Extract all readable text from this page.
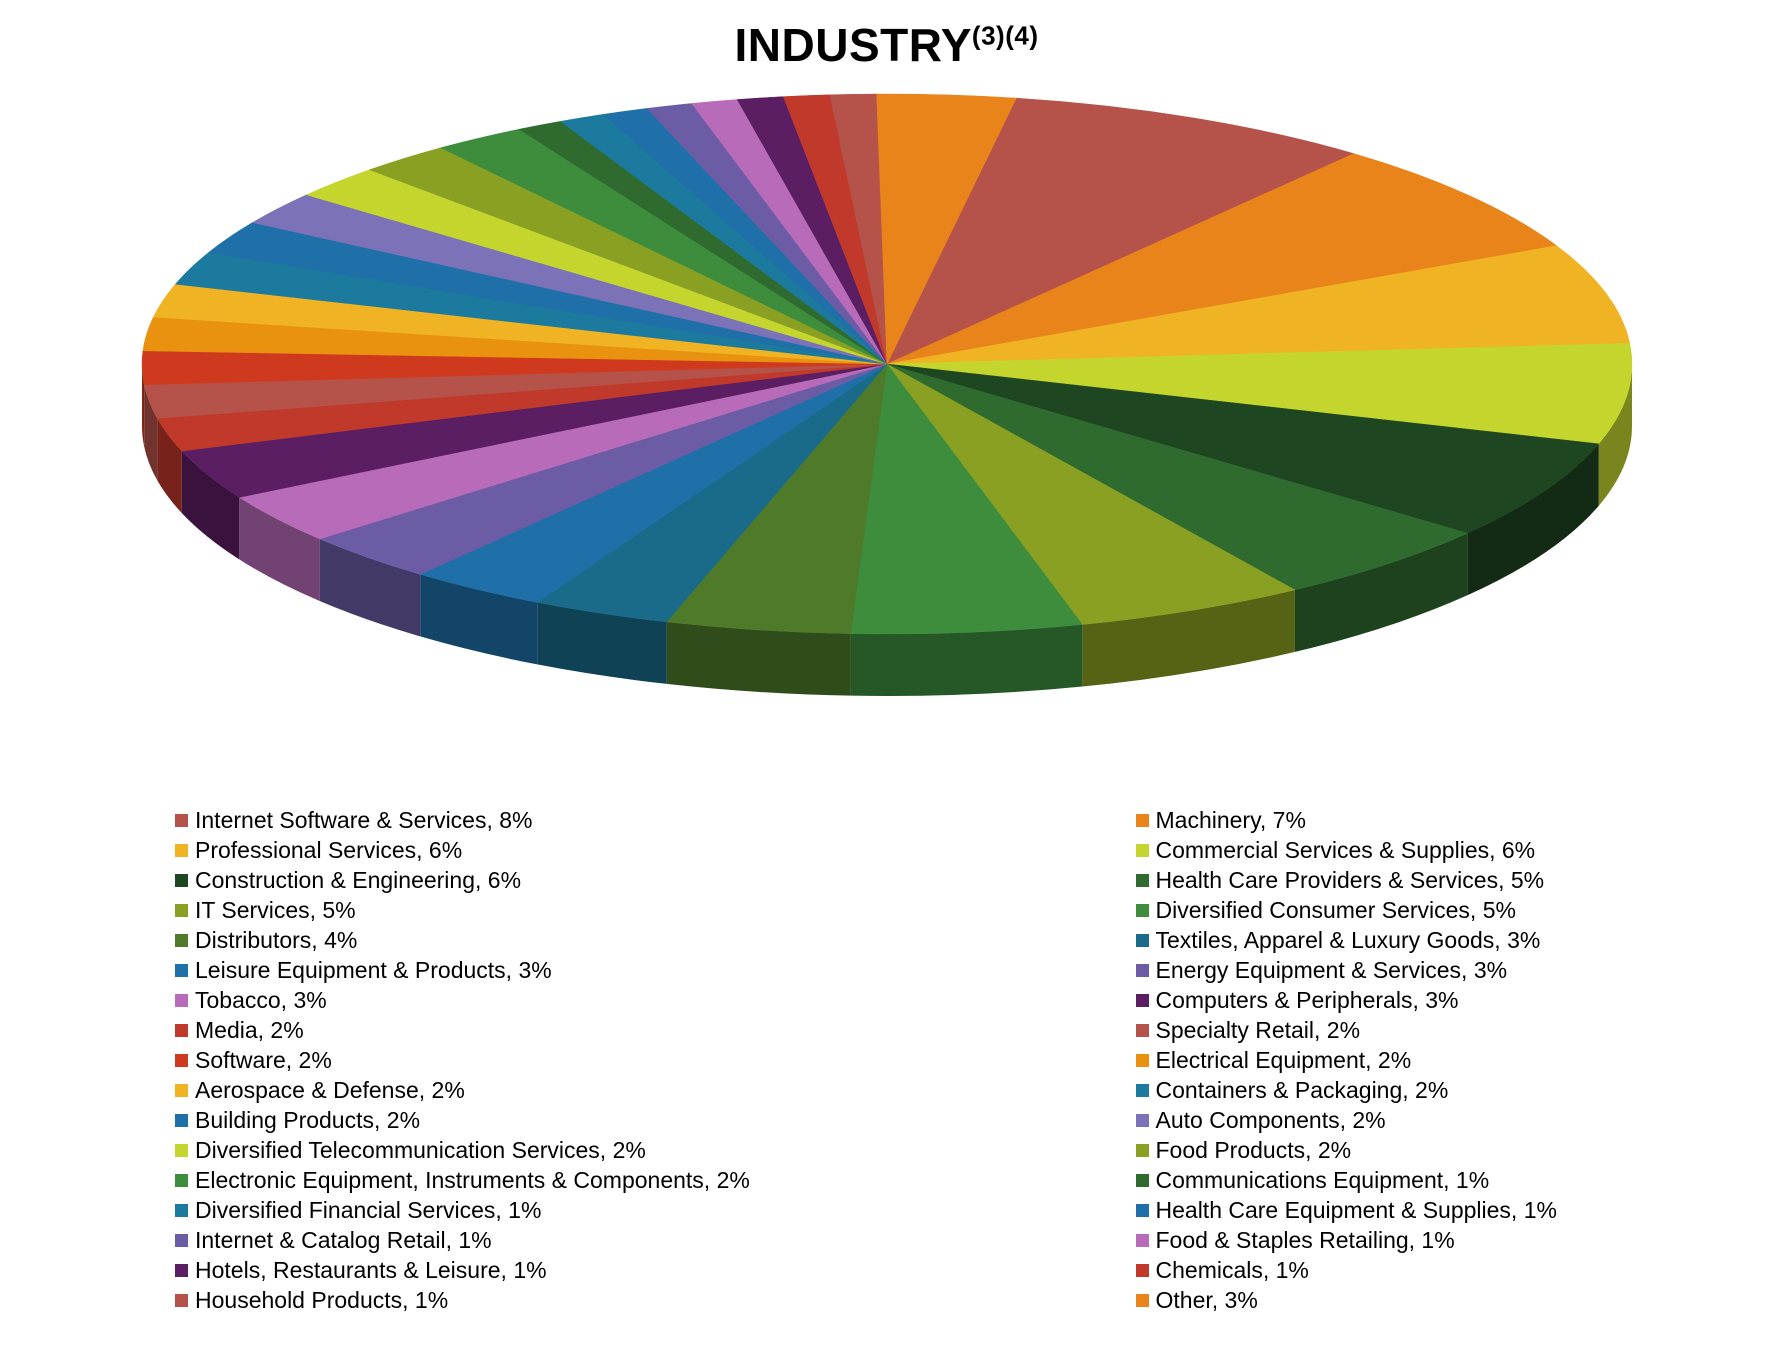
$INDUSTRY^{(3)(4)}$
Internet Software & Services, 8%
Professional Services, 6%
Construction & Engineering, 6%
IT Services, 5%
Distributors, 4%
Leisure Equipment & Products, 3%
Tobacco, 3%
Media, 2%
Software, 2%
Aerospace & Defense, 2%
Building Products, 2%
Diversified Telecommunication Services, 2%
Electronic Equipment, Instruments & Components, 2%
Diversified Financial Services, 1%
Internet & Catalog Retail, 1%
Hotels, Restaurants & Leisure, 1%
Household Products, 1%
Machinery, 7%
Commercial Services & Supplies, 6%
Health Care Providers & Services, 5%
Diversified Consumer Services, 5%
Textiles, Apparel & Luxury Goods, 3%
Energy Equipment & Services, 3%
Computers & Peripherals, 3%
Specialty Retail, 2%
Electrical Equipment, 2%
Containers & Packaging, 2%
Auto Components, 2%
Food Products, 2%
Communications Equipment, 1%
Health Care Equipment & Supplies, 1%
Food & Staples Retailing, 1%
Chemicals, 1%
Other, 3%
